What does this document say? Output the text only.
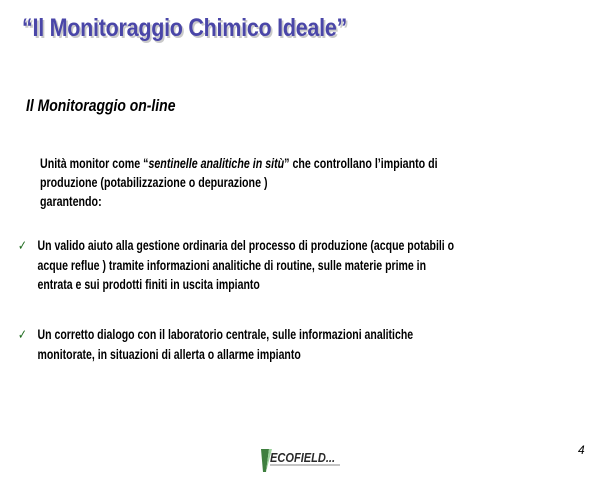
“Il Monitoraggio Chimico Ideale”
Il Monitoraggio on-line
Unità monitor come “sentinelle analitiche in sitù” che controllano l’impianto di
produzione (potabilizzazione o depurazione )
garantendo:
✓ Un valido aiuto alla gestione ordinaria del processo di produzione (acque potabili o
acque reflue ) tramite informazioni analitiche di routine, sulle materie prime in
entrata e sui prodotti finiti in uscita impianto
✓ Un corretto dialogo con il laboratorio centrale, sulle informazioni analitiche
monitorate, in situazioni di allerta o allarme impianto
4
ECOFIELD...
